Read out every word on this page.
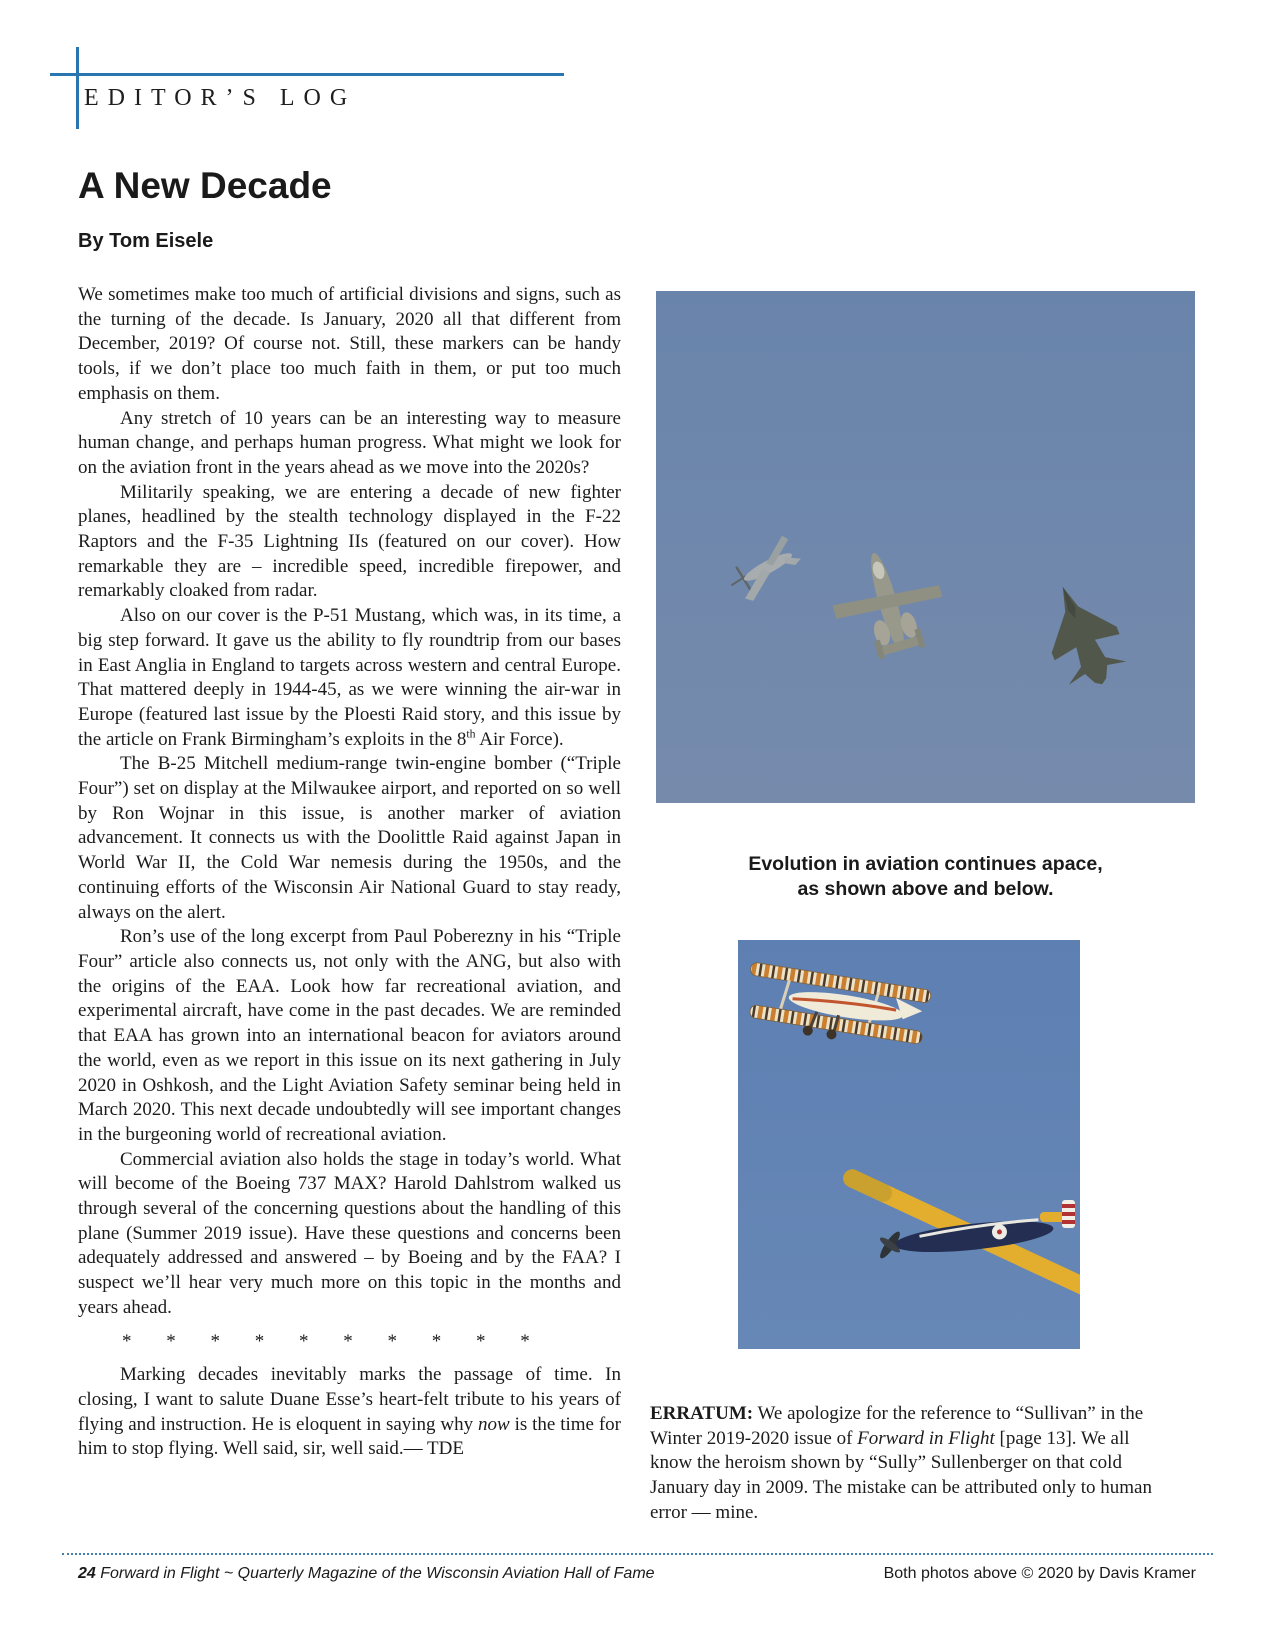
EDITOR’S LOG
A New Decade
By Tom Eisele

We sometimes make too much of artificial divisions and signs, such as the turning of the decade. Is January, 2020 all that different from December, 2019? Of course not. Still, these markers can be handy tools, if we don’t place too much faith in them, or put too much emphasis on them.

Any stretch of 10 years can be an interesting way to measure human change, and perhaps human progress. What might we look for on the aviation front in the years ahead as we move into the 2020s?

Militarily speaking, we are entering a decade of new fighter planes, headlined by the stealth technology displayed in the F-22 Raptors and the F-35 Lightning IIs (featured on our cover). How remarkable they are – incredible speed, incredible firepower, and remarkably cloaked from radar.

Also on our cover is the P-51 Mustang, which was, in its time, a big step forward. It gave us the ability to fly roundtrip from our bases in East Anglia in England to targets across western and central Europe. That mattered deeply in 1944-45, as we were winning the air-war in Europe (featured last issue by the Ploesti Raid story, and this issue by the article on Frank Birmingham’s exploits in the 8th Air Force).

The B-25 Mitchell medium-range twin-engine bomber (“Triple Four”) set on display at the Milwaukee airport, and reported on so well by Ron Wojnar in this issue, is another marker of aviation advancement. It connects us with the Doolittle Raid against Japan in World War II, the Cold War nemesis during the 1950s, and the continuing efforts of the Wisconsin Air National Guard to stay ready, always on the alert.

Ron’s use of the long excerpt from Paul Poberezny in his “Triple Four” article also connects us, not only with the ANG, but also with the origins of the EAA. Look how far recreational aviation, and experimental aircraft, have come in the past decades. We are reminded that EAA has grown into an international beacon for aviators around the world, even as we report in this issue on its next gathering in July 2020 in Oshkosh, and the Light Aviation Safety seminar being held in March 2020. This next decade undoubtedly will see important changes in the burgeoning world of recreational aviation.

Commercial aviation also holds the stage in today’s world. What will become of the Boeing 737 MAX? Harold Dahlstrom walked us through several of the concerning questions about the handling of this plane (Summer 2019 issue). Have these questions and concerns been adequately addressed and answered – by Boeing and by the FAA? I suspect we’ll hear very much more on this topic in the months and years ahead.

* * * * * * * * * *

Marking decades inevitably marks the passage of time. In closing, I want to salute Duane Esse’s heart-felt tribute to his years of flying and instruction. He is eloquent in saying why now is the time for him to stop flying. Well said, sir, well said.— TDE

Evolution in aviation continues apace,
as shown above and below.
ERRATUM: We apologize for the reference to “Sullivan” in the Winter 2019-2020 issue of Forward in Flight [page 13]. We all know the heroism shown by “Sully” Sullenberger on that cold January day in 2009. The mistake can be attributed only to human error — mine.
24 Forward in Flight ~ Quarterly Magazine of the Wisconsin Aviation Hall of Fame	Both photos above © 2020 by Davis Kramer
